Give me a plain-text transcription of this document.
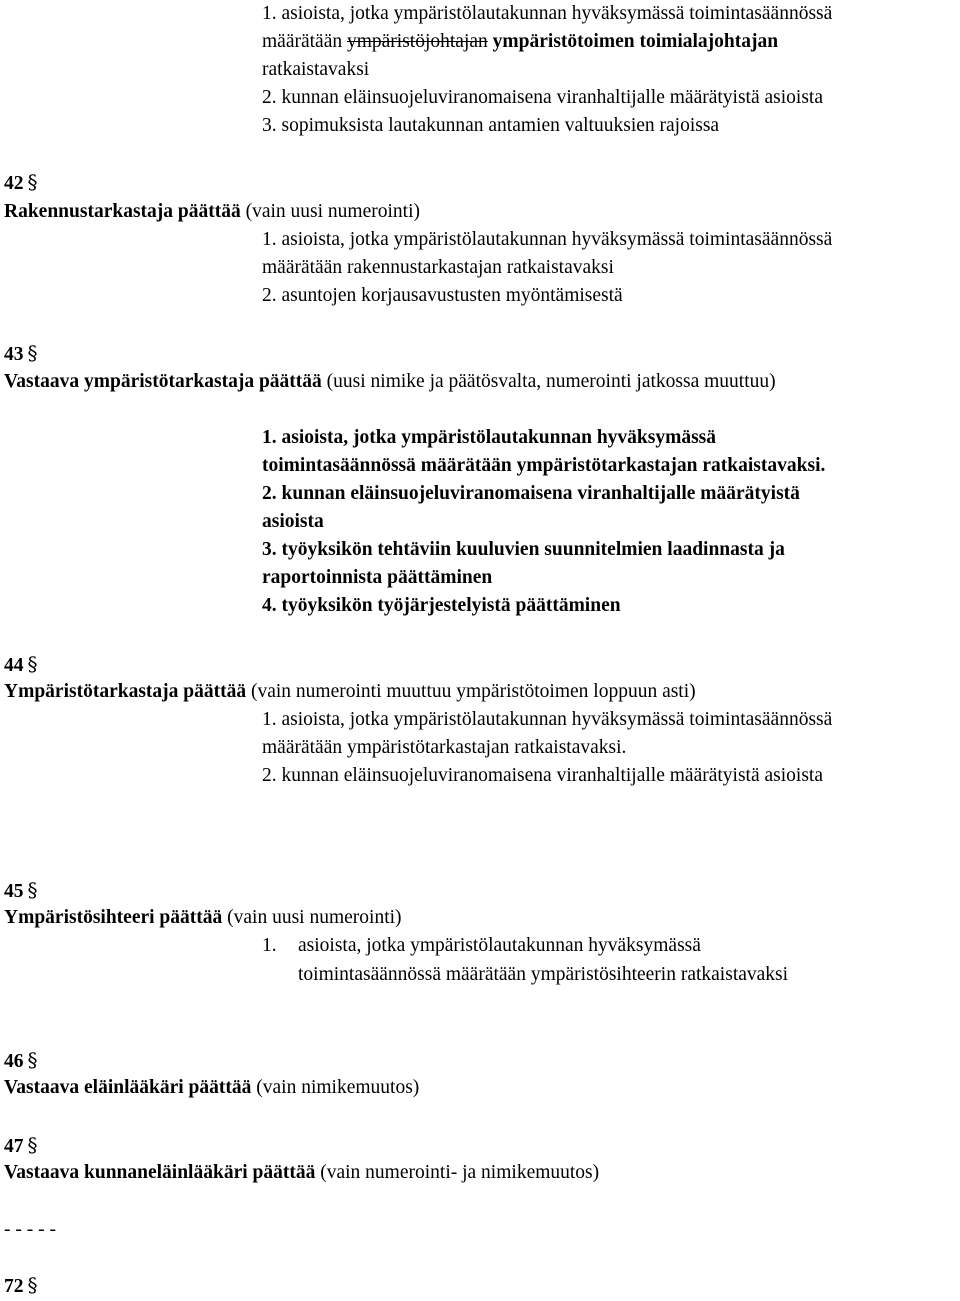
1. asioista, jotka ympäristölautakunnan hyväksymässä toimintasäännössä
määrätään ympäristöjohtajan ympäristötoimen toimialajohtajan
ratkaistavaksi
2. kunnan eläinsuojeluviranomaisena viranhaltijalle määrätyistä asioista
3. sopimuksista lautakunnan antamien valtuuksien rajoissa
42 §
Rakennustarkastaja päättää (vain uusi numerointi)
1. asioista, jotka ympäristölautakunnan hyväksymässä toimintasäännössä
määrätään rakennustarkastajan ratkaistavaksi
2. asuntojen korjausavustusten myöntämisestä
43 §
Vastaava ympäristötarkastaja päättää (uusi nimike ja päätösvalta, numerointi jatkossa muuttuu)
1. asioista, jotka ympäristölautakunnan hyväksymässä
toimintasäännössä määrätään ympäristötarkastajan ratkaistavaksi.
2. kunnan eläinsuojeluviranomaisena viranhaltijalle määrätyistä
asioista
3. työyksikön tehtäviin kuuluvien suunnitelmien laadinnasta ja
raportoinnista päättäminen
4. työyksikön työjärjestelyistä päättäminen
44 §
Ympäristötarkastaja päättää (vain numerointi muuttuu ympäristötoimen loppuun asti)
1. asioista, jotka ympäristölautakunnan hyväksymässä toimintasäännössä
määrätään ympäristötarkastajan ratkaistavaksi.
2. kunnan eläinsuojeluviranomaisena viranhaltijalle määrätyistä asioista
45 §
Ympäristösihteeri päättää (vain uusi numerointi)
1. asioista, jotka ympäristölautakunnan hyväksymässä
toimintasäännössä määrätään ympäristösihteerin ratkaistavaksi
46 §
Vastaava eläinlääkäri päättää (vain nimikemuutos)
47 §
Vastaava kunnaneläinlääkäri päättää (vain numerointi- ja nimikemuutos)
- - - - -
72 §
